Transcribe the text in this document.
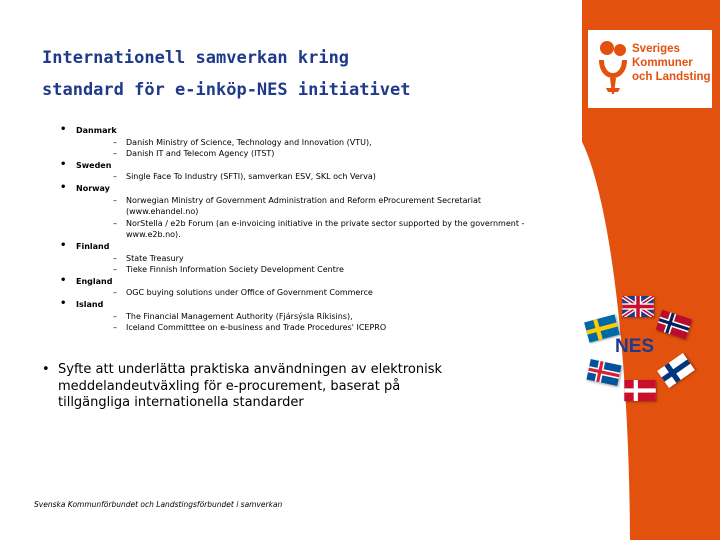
Sveriges
Kommuner
och Landsting
Internationell samverkan kring
standard för e-inköp-NES initiativet
• Danmark
– Danish Ministry of Science, Technology and Innovation (VTU),
– Danish IT and Telecom Agency (ITST)
• Sweden
– Single Face To Industry (SFTI), samverkan ESV, SKL och Verva)
• Norway
– Norwegian Ministry of Government Administration and Reform eProcurement Secretariat (www.ehandel.no)
– NorStella / e2b Forum (an e-invoicing initiative in the private sector supported by the government - www.e2b.no).
• Finland
– State Treasury
– Tieke Finnish Information Society Development Centre
• England
– OGC buying solutions under Office of Government Commerce
• Island
– The Financial Management Authority (Fjársýsla Ríkisins),
– Iceland Committtee on e-business and Trade Procedures' ICEPRO
• Syfte att underlätta praktiska användningen av elektronisk meddelandeutväxling för e-procurement, baserat på tillgängliga internationella standarder
NES
Svenska Kommunförbundet och Landstingsförbundet i samverkan
11
